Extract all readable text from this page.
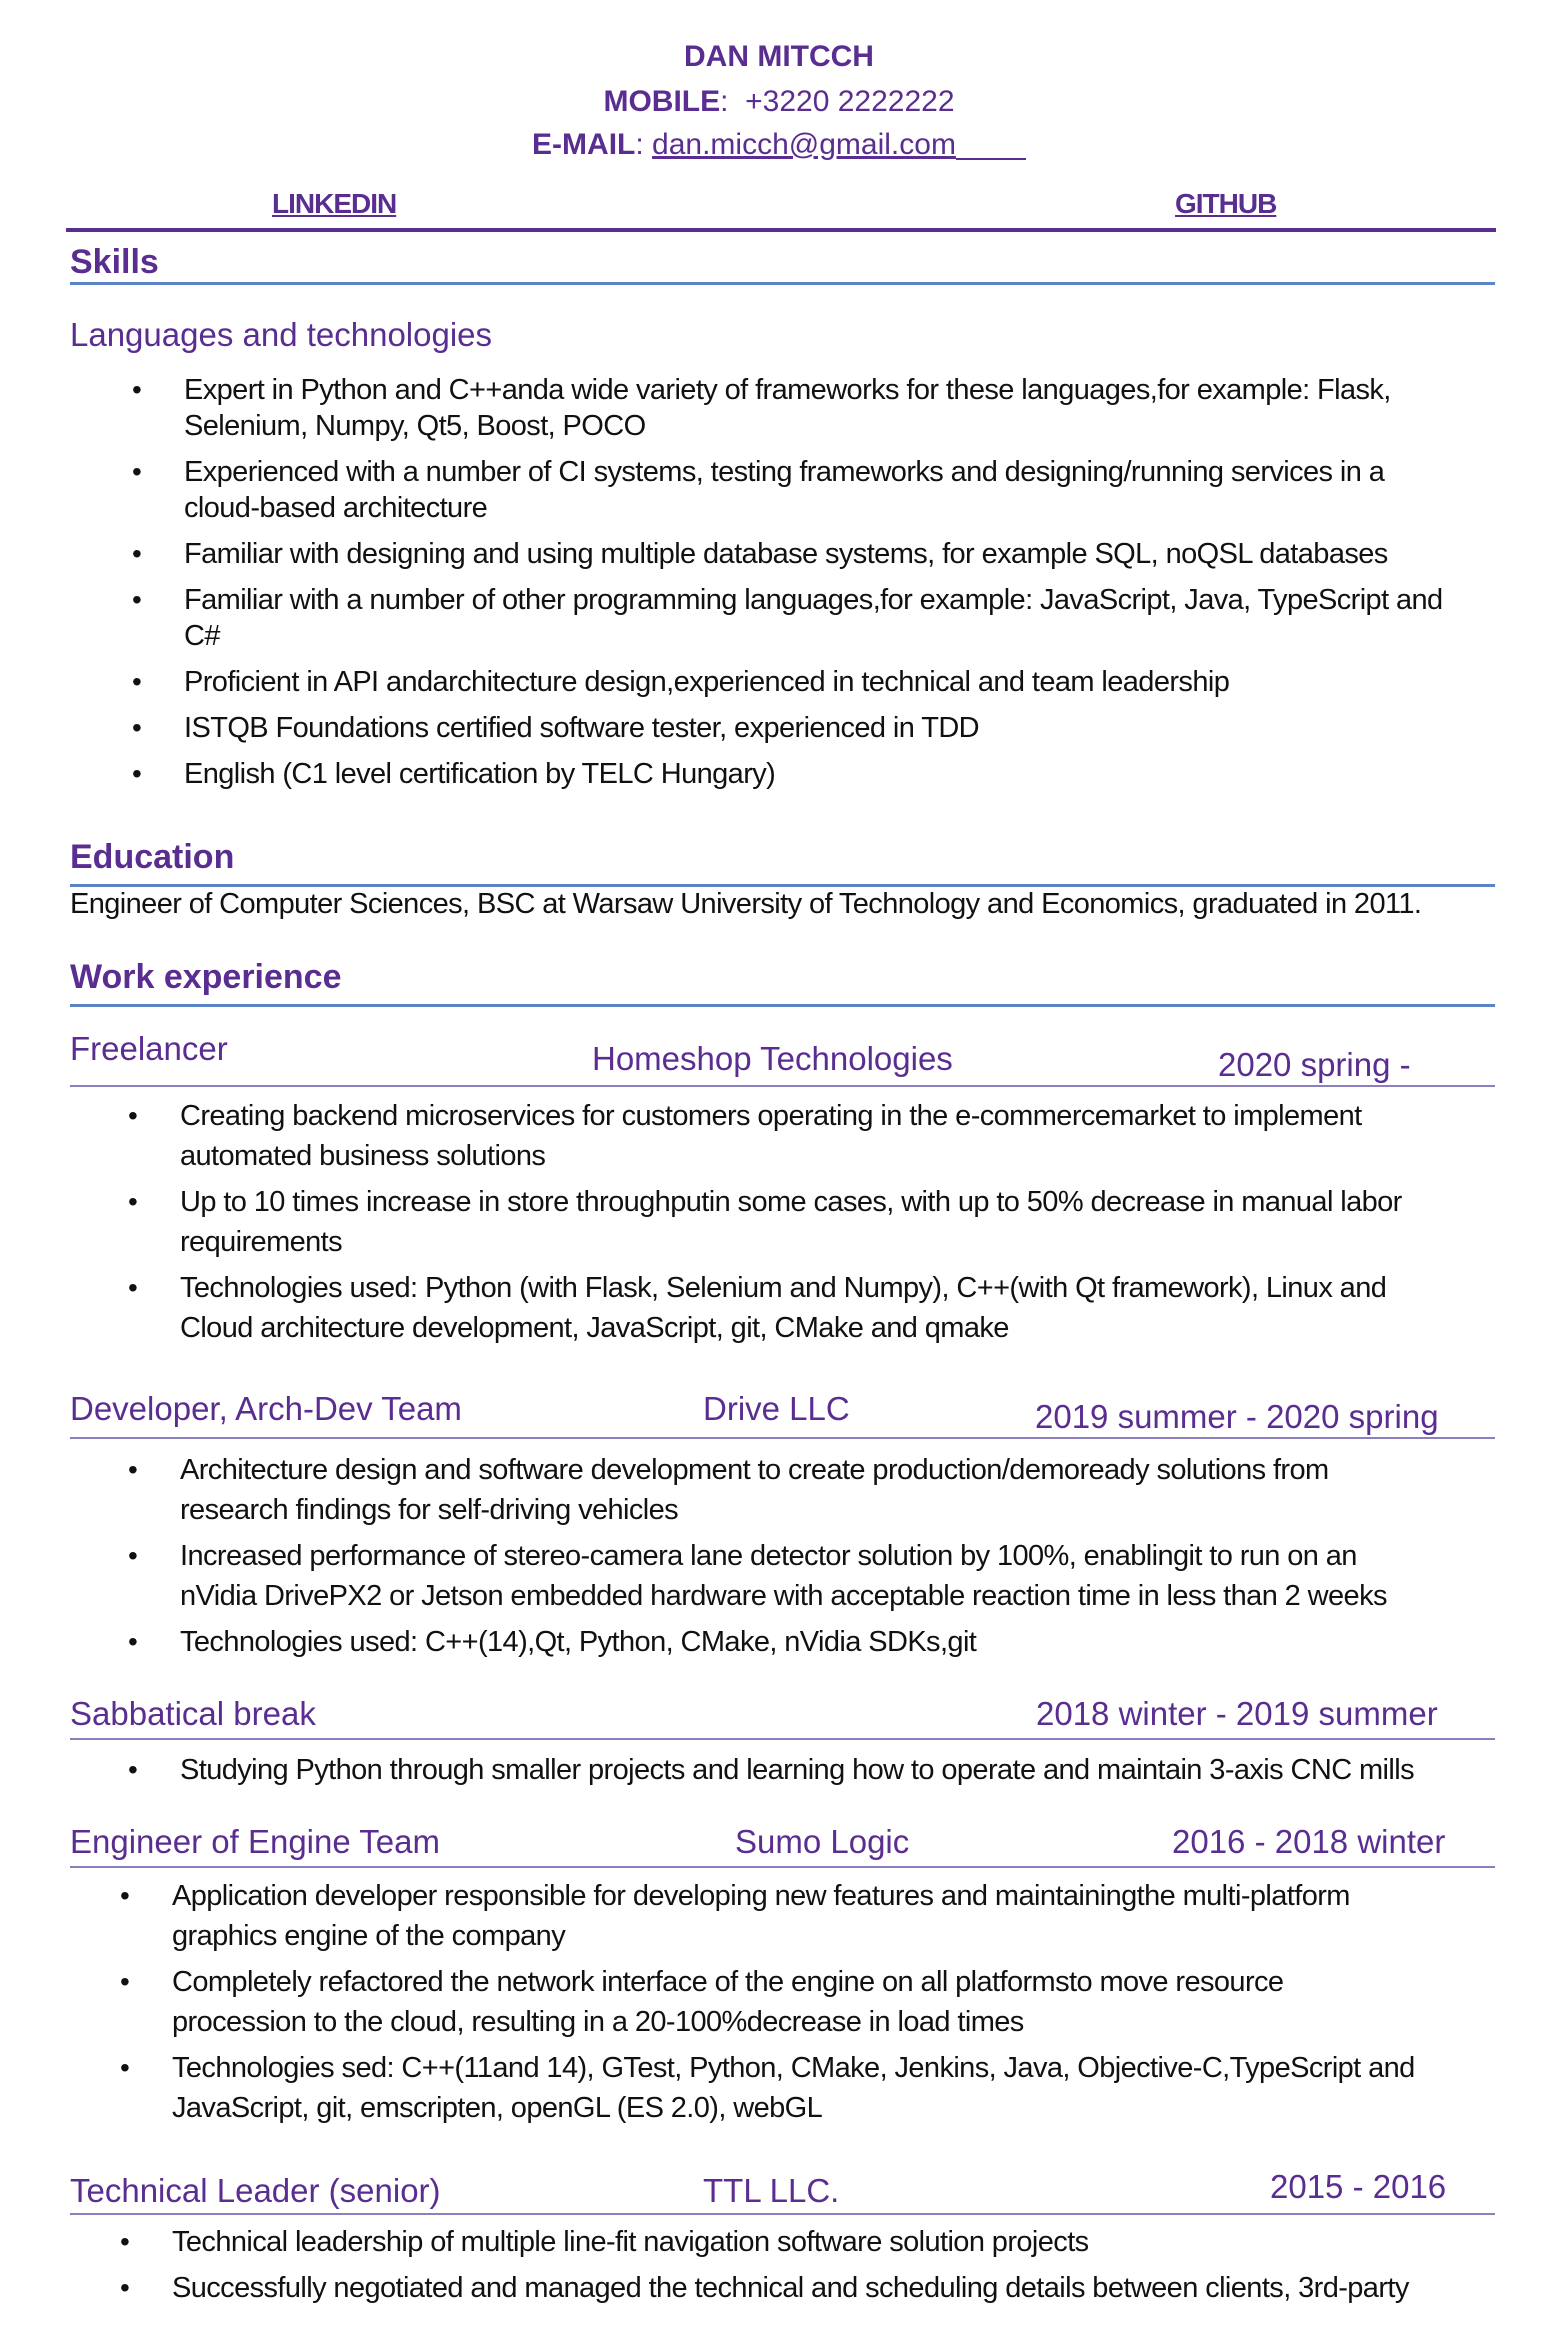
DAN MITCCH
MOBILE:  +3220 2222222
E-MAIL: dan.micch@gmail.com
LINKEDIN	GITHUB
Skills
Languages and technologies
• Expert in Python and C++anda wide variety of frameworks for these languages,for example: Flask,
Selenium, Numpy, Qt5, Boost, POCO
• Experienced with a number of CI systems, testing frameworks and designing/running services in a
cloud-based architecture
• Familiar with designing and using multiple database systems, for example SQL, noQSL databases
• Familiar with a number of other programming languages,for example: JavaScript, Java, TypeScript and
C#
• Proficient in API andarchitecture design,experienced in technical and team leadership
• ISTQB Foundations certified software tester, experienced in TDD
• English (C1 level certification by TELC Hungary)
Education
Engineer of Computer Sciences, BSC at Warsaw University of Technology and Economics, graduated in 2011.
Work experience
Freelancer	Homeshop Technologies	2020 spring -
• Creating backend microservices for customers operating in the e-commercemarket to implement
automated business solutions
• Up to 10 times increase in store throughputin some cases, with up to 50% decrease in manual labor
requirements
• Technologies used: Python (with Flask, Selenium and Numpy), C++(with Qt framework), Linux and
Cloud architecture development, JavaScript, git, CMake and qmake
Developer, Arch-Dev Team	Drive LLC	2019 summer - 2020 spring
• Architecture design and software development to create production/demoready solutions from
research findings for self-driving vehicles
• Increased performance of stereo-camera lane detector solution by 100%, enablingit to run on an
nVidia DrivePX2 or Jetson embedded hardware with acceptable reaction time in less than 2 weeks
• Technologies used: C++(14),Qt, Python, CMake, nVidia SDKs,git
Sabbatical break	2018 winter - 2019 summer
• Studying Python through smaller projects and learning how to operate and maintain 3-axis CNC mills
Engineer of Engine Team	Sumo Logic	2016 - 2018 winter
• Application developer responsible for developing new features and maintainingthe multi-platform
graphics engine of the company
• Completely refactored the network interface of the engine on all platformsto move resource
procession to the cloud, resulting in a 20-100%decrease in load times
• Technologies sed: C++(11and 14), GTest, Python, CMake, Jenkins, Java, Objective-C,TypeScript and
JavaScript, git, emscripten, openGL (ES 2.0), webGL
Technical Leader (senior)	TTL LLC.	2015 - 2016
• Technical leadership of multiple line-fit navigation software solution projects
• Successfully negotiated and managed the technical and scheduling details between clients, 3rd-party
